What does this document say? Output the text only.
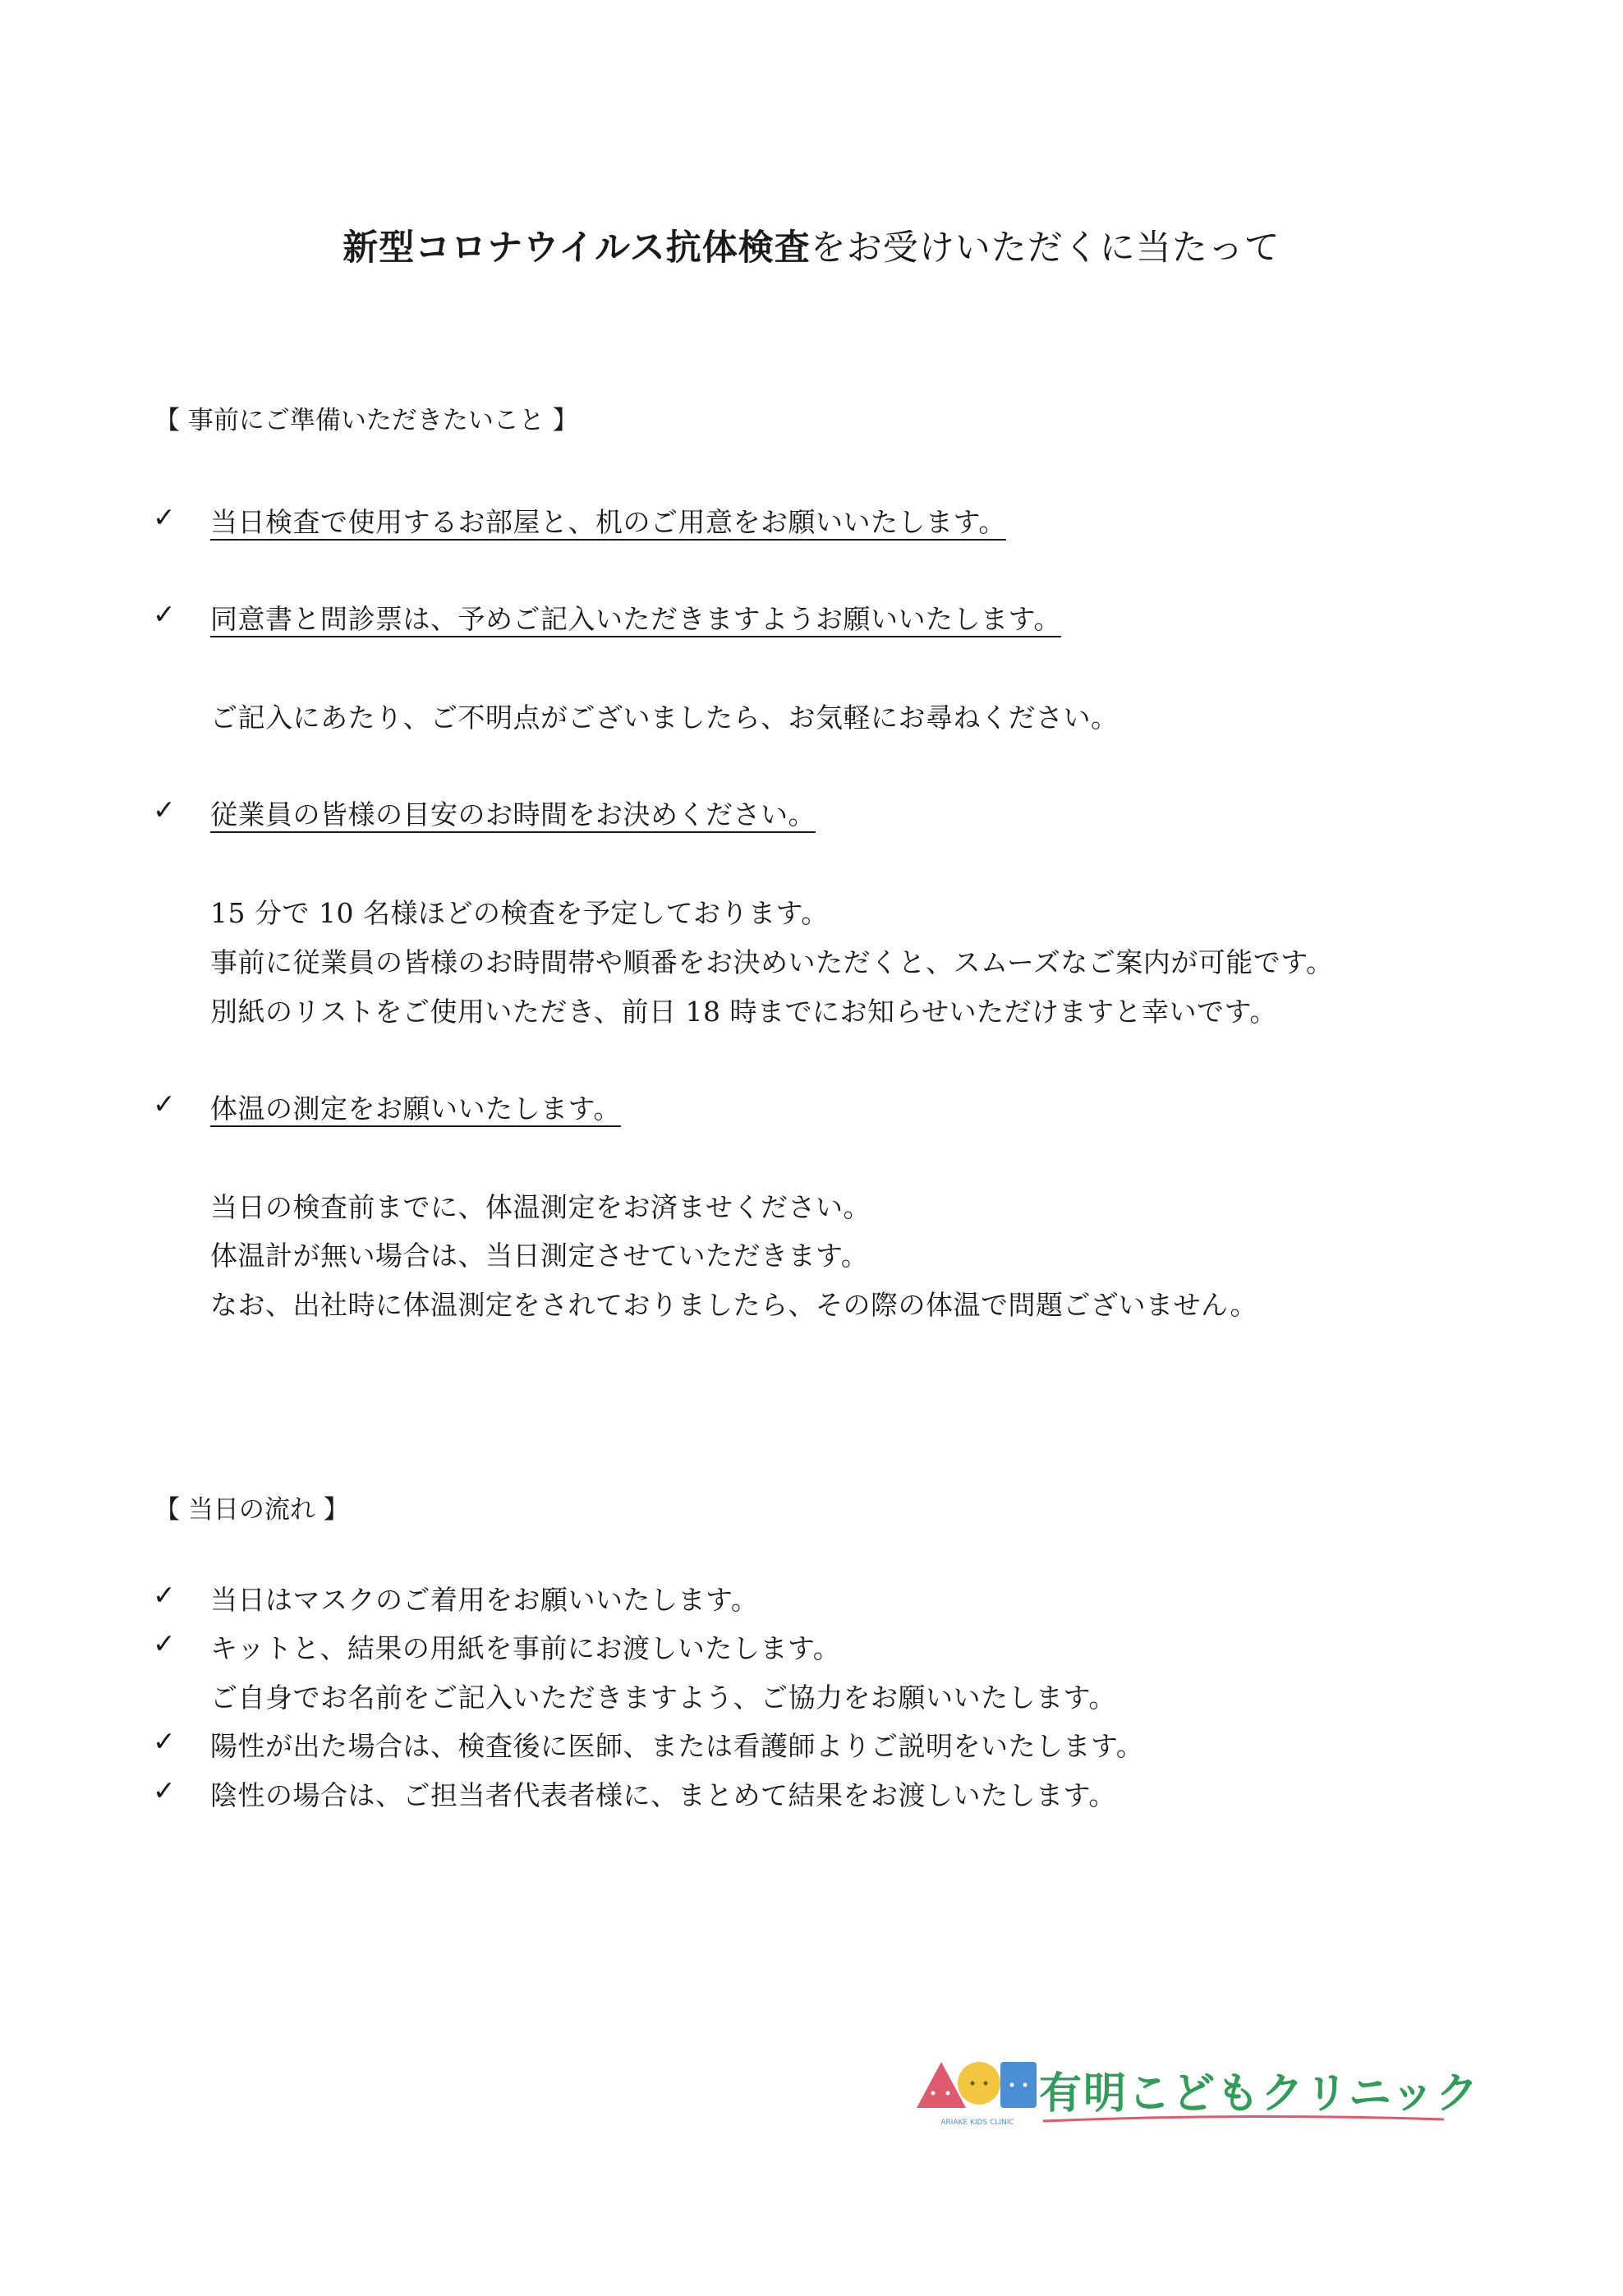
新型コロナウイルス抗体検査をお受けいただくに当たって
【 事前にご準備いただきたいこと 】
✓ 当日検査で使用するお部屋と、机のご用意をお願いいたします。
✓ 同意書と問診票は、予めご記入いただきますようお願いいたします。
ご記入にあたり、ご不明点がございましたら、お気軽にお尋ねください。
✓ 従業員の皆様の目安のお時間をお決めください。
15 分で 10 名様ほどの検査を予定しております。
事前に従業員の皆様のお時間帯や順番をお決めいただくと、スムーズなご案内が可能です。
別紙のリストをご使用いただき、前日 18 時までにお知らせいただけますと幸いです。
✓ 体温の測定をお願いいたします。
当日の検査前までに、体温測定をお済ませください。
体温計が無い場合は、当日測定させていただきます。
なお、出社時に体温測定をされておりましたら、その際の体温で問題ございません。
【 当日の流れ 】
✓ 当日はマスクのご着用をお願いいたします。
✓ キットと、結果の用紙を事前にお渡しいたします。
ご自身でお名前をご記入いただきますよう、ご協力をお願いいたします。
✓ 陽性が出た場合は、検査後に医師、または看護師よりご説明をいたします。
✓ 陰性の場合は、ご担当者代表者様に、まとめて結果をお渡しいたします。
ARIAKE KIDS CLINIC
有明こどもクリニック
